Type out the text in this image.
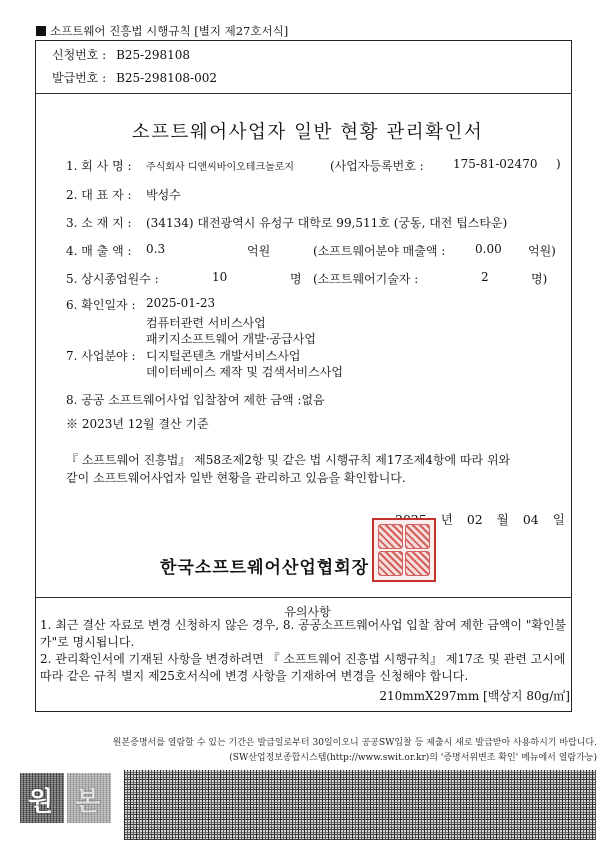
소프트웨어 진흥법 시행규칙 [별지 제27호서식]
신청번호 : B25-298108
발급번호 : B25-298108-002
소프트웨어사업자 일반 현황 관리확인서
1. 회 사 명 : 주식회사 디앤씨바이오테크놀로지	(사업자등록번호 : 175-81-02470 )
2. 대 표 자 : 박성수
3. 소 재 지 : (34134) 대전광역시 유성구 대학로 99,511호 (궁동, 대전 팁스타운)
4. 매 출 액 : 0.3	억원	(소프트웨어분야 매출액 : 0.00 억원)
5. 상시종업원수 :	10	명 (소프트웨어기술자 :	2	명)
6. 확인일자 : 2025-01-23
컴퓨터관련 서비스사업
패키지소프트웨어 개발·공급사업
7. 사업분야 : 디지털콘텐츠 개발서비스사업
데이터베이스 제작 및 검색서비스사업
8. 공공 소프트웨어사업 입찰참여 제한 금액 :없음
※ 2023년 12월 결산 기준
『 소프트웨어 진흥법』 제58조제2항 및 같은 법 시행규칙 제17조제4항에 따라 위와
같이 소프트웨어사업자 일반 현황을 관리하고 있음을 확인합니다.
년 02 월 04 일
한국소프트웨어산업협회장
유의사항
1. 최근 결산 자료로 변경 신청하지 않은 경우, 8. 공공소프트웨어사업 입찰 참여 제한 금액이 "확인불가"로 명시됩니다.
2. 관리확인서에 기재된 사항을 변경하려면 『 소프트웨어 진흥법 시행규칙』 제17조 및 관련 고시에 따라 같은 규칙 별지 제25호서식에 변경 사항을 기재하여 변경을 신청해야 합니다.
210mmX297mm [백상지 80g/㎡]
원본증명서를 열람할 수 있는 기간은 발급일로부터 30일이오니 공공SW입찰 등 제출시 새로 발급받아 사용하시기 바랍니다.
(SW산업정보종합시스템(http://www.swit.or.kr)의 '증명서위변조 확인' 메뉴에서 열람가능)
원 본
